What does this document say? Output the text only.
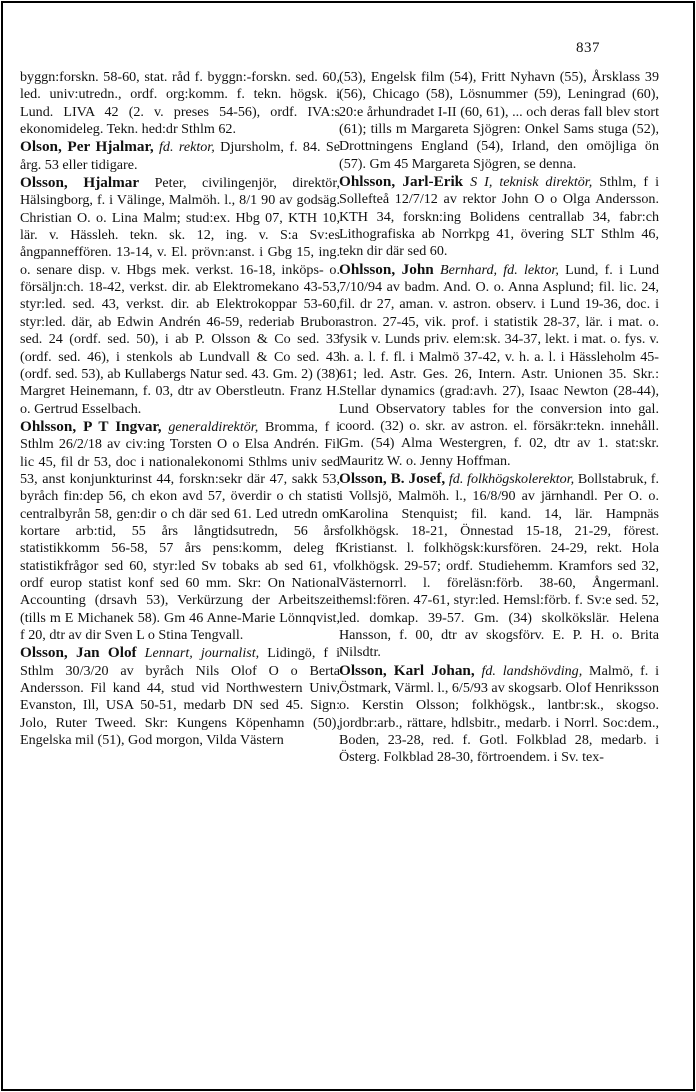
837

byggn:forskn. 58-60, stat. råd f. byggn:-forskn. sed. 60, led. univ:utredn., ordf. org:komm. f. tekn. högsk. i Lund. LIVA 42 (2. v. preses 54-56), ordf. IVA:s ekonomideleg. Tekn. hed:dr Sthlm 62.

Olson, Per Hjalmar, fd. rektor, Djursholm, f. 84. Se årg. 53 eller tidigare.

Olsson, Hjalmar Peter, civilingenjör, direktör, Hälsingborg, f. i Välinge, Malmöh. l., 8/1 90 av godsäg. Christian O. o. Lina Malm; stud:ex. Hbg 07, KTH 10, lär. v. Hässleh. tekn. sk. 12, ing. v. S:a Sv:es ångpanneffören. 13-14, v. El. prövn:anst. i Gbg 15, ing. o. senare disp. v. Hbgs mek. verkst. 16-18, inköps- o. försäljn:ch. 18-42, verkst. dir. ab Elektromekano 43-53, styr:led. sed. 43, verkst. dir. ab Elektrokoppar 53-60, styr:led. där, ab Edwin Andrén 46-59, rederiab Brubor sed. 24 (ordf. sed. 50), i ab P. Olsson & Co sed. 33 (ordf. sed. 46), i stenkols ab Lundvall & Co sed. 43 (ordf. sed. 53), ab Kullabergs Natur sed. 43. Gm. 2) (38) Margret Heinemann, f. 03, dtr av Oberstleutn. Franz H. o. Gertrud Esselbach.

Ohlsson, P T Ingvar, generaldirektör, Bromma, f i Sthlm 26/2/18 av civ:ing Torsten O o Elsa Andrén. Fil lic 45, fil dr 53, doc i nationalekonomi Sthlms univ sed 53, anst konjunkturinst 44, forskn:sekr där 47, sakk 53, byråch fin:dep 56, ch ekon avd 57, överdir o ch statist centralbyrån 58, gen:dir o ch där sed 61. Led utredn om kortare arb:tid, 55 års långtidsutredn, 56 års statistikkomm 56-58, 57 års pens:komm, deleg f statistikfrågor sed 60, styr:led Sv tobaks ab sed 61, v ordf europ statist konf sed 60 mm. Skr: On National Accounting (drsavh 53), Verkürzung der Arbeitszeit (tills m E Michanek 58). Gm 46 Anne-Marie Lönnqvist, f 20, dtr av dir Sven L o Stina Tengvall.

Olsson, Jan Olof Lennart, journalist, Lidingö, f i Sthlm 30/3/20 av byråch Nils Olof O o Berta Andersson. Fil kand 44, stud vid Northwestern Univ, Evanston, Ill, USA 50-51, medarb DN sed 45. Sign: Jolo, Ruter Tweed. Skr: Kungens Köpenhamn (50), Engelska mil (51), God morgon, Vilda Västern

(53), Engelsk film (54), Fritt Nyhavn (55), Årsklass 39 (56), Chicago (58), Lösnummer (59), Leningrad (60), 20:e århundradet I-II (60, 61), ... och deras fall blev stort (61); tills m Margareta Sjögren: Onkel Sams stuga (52), Drottningens England (54), Irland, den omöjliga ön (57). Gm 45 Margareta Sjögren, se denna.

Ohlsson, Jarl-Erik S I, teknisk direktör, Sthlm, f i Sollefteå 12/7/12 av rektor John O o Olga Andersson. KTH 34, forskn:ing Bolidens centrallab 34, fabr:ch Lithografiska ab Norrkpg 41, övering SLT Sthlm 46, tekn dir där sed 60.

Ohlsson, John Bernhard, fd. lektor, Lund, f. i Lund 7/10/94 av badm. And. O. o. Anna Asplund; fil. lic. 24, fil. dr 27, aman. v. astron. observ. i Lund 19-36, doc. i astron. 27-45, vik. prof. i statistik 28-37, lär. i mat. o. fysik v. Lunds priv. elem:sk. 34-37, lekt. i mat. o. fys. v. h. a. l. f. fl. i Malmö 37-42, v. h. a. l. i Hässleholm 45-61; led. Astr. Ges. 26, Intern. Astr. Unionen 35. Skr.: Stellar dynamics (grad:avh. 27), Isaac Newton (28-44), Lund Observatory tables for the conversion into gal. coord. (32) o. skr. av astron. el. försäkr:tekn. innehåll. Gm. (54) Alma Westergren, f. 02, dtr av 1. stat:skr. Mauritz W. o. Jenny Hoffman.

Olsson, B. Josef, fd. folkhögskolerektor, Bollstabruk, f. i Vollsjö, Malmöh. l., 16/8/90 av järnhandl. Per O. o. Karolina Stenquist; fil. kand. 14, lär. Hampnäs folkhögsk. 18-21, Önnestad 15-18, 21-29, förest. Kristianst. l. folkhögsk:kursfören. 24-29, rekt. Hola folkhögsk. 29-57; ordf. Studiehemm. Kramfors sed 32, Västernorrl. l. föreläsn:förb. 38-60, Ångermanl. hemsl:fören. 47-61, styr:led. Hemsl:förb. f. Sv:e sed. 52, led. domkap. 39-57. Gm. (34) skolkökslär. Helena Hansson, f. 00, dtr av skogsförv. E. P. H. o. Brita Nilsdtr.

Olsson, Karl Johan, fd. landshövding, Malmö, f. i Östmark, Värml. l., 6/5/93 av skogsarb. Olof Henriksson o. Kerstin Olsson; folkhögsk., lantbr:sk., skogso. jordbr:arb., rättare, hdlsbitr., medarb. i Norrl. Soc:dem., Boden, 23-28, red. f. Gotl. Folkblad 28, medarb. i Österg. Folkblad 28-30, förtroendem. i Sv. tex-
